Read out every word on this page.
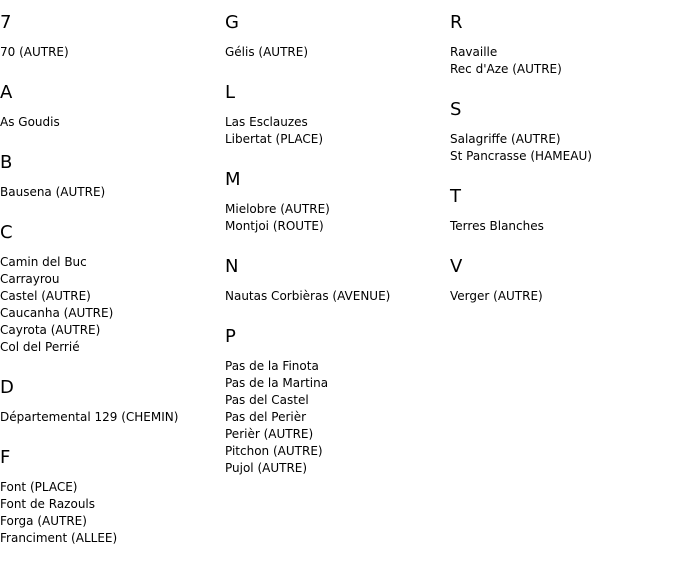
7
70 (AUTRE)
A
As Goudis
B
Bausena (AUTRE)
C
Camin del Buc
Carrayrou
Castel (AUTRE)
Caucanha (AUTRE)
Cayrota (AUTRE)
Col del Perrié
D
Départemental 129 (CHEMIN)
F
Font (PLACE)
Font de Razouls
Forga (AUTRE)
Franciment (ALLEE)
G
Gélis (AUTRE)
L
Las Esclauzes
Libertat (PLACE)
M
Mielobre (AUTRE)
Montjoi (ROUTE)
N
Nautas Corbièras (AVENUE)
P
Pas de la Finota
Pas de la Martina
Pas del Castel
Pas del Perièr
Perièr (AUTRE)
Pitchon (AUTRE)
Pujol (AUTRE)
R
Ravaille
Rec d'Aze (AUTRE)
S
Salagriffe (AUTRE)
St Pancrasse (HAMEAU)
T
Terres Blanches
V
Verger (AUTRE)
